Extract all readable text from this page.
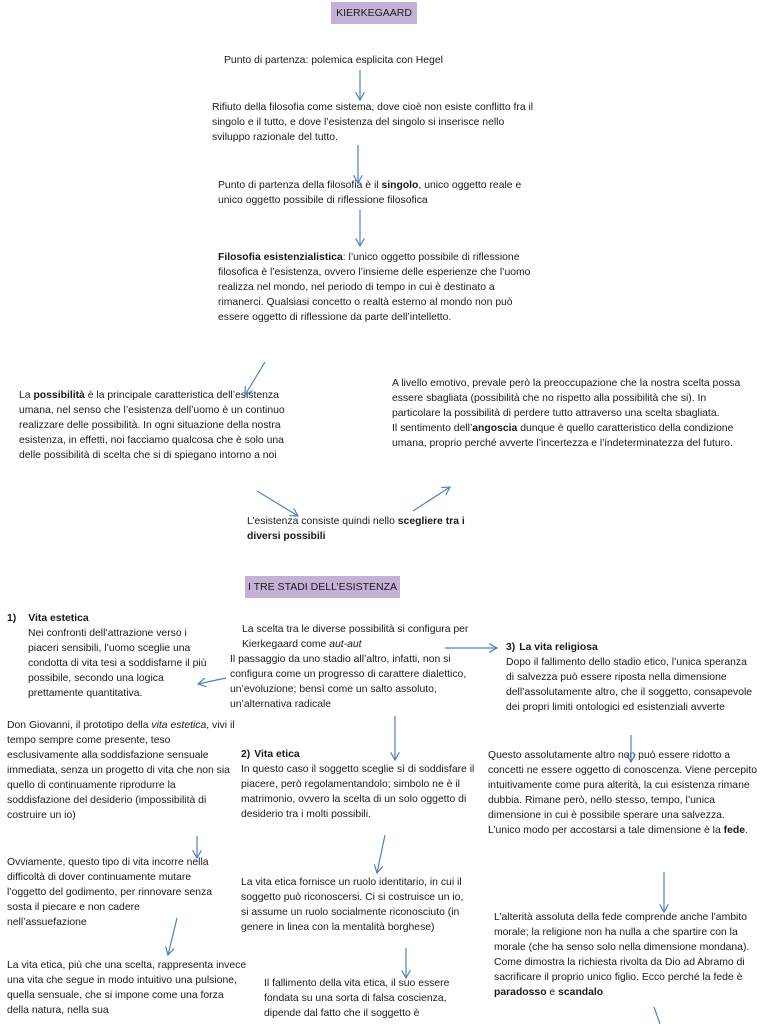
KIERKEGAARD
Punto di partenza: polemica esplicita con Hegel
Rifiuto della filosofia come sistema, dove cioè non esiste conflitto fra il singolo e il tutto, e dove l’esistenza del singolo si inserisce nello sviluppo razionale del tutto.
Punto di partenza della filosofia è il singolo, unico oggetto reale e unico oggetto possibile di riflessione filosofica
Filosofia esistenzialistica: l’unico oggetto possibile di riflessione filosofica è l’esistenza, ovvero l’insieme delle esperienze che l’uomo realizza nel mondo, nel periodo di tempo in cui è destinato a rimanerci. Qualsiasi concetto o realtà esterno al mondo non può essere oggetto di riflessione da parte dell’intelletto.
La possibilità è la principale caratteristica dell’esistenza umana, nel senso che l’esistenza dell’uomo è un continuo realizzare delle possibilità. In ogni situazione della nostra esistenza, in effetti, noi facciamo qualcosa che è solo una delle possibilità di scelta che si di spiegano intorno a noi

A livello emotivo, prevale però la preoccupazione che la nostra scelta possa essere sbagliata (possibilità che no rispetto alla possibilità che si). In particolare la possibilità di perdere tutto attraverso una scelta sbagliata.

Il sentimento dell’angoscia dunque è quello caratteristico della condizione umana, proprio perché avverte l’incertezza e l’indeterminatezza del futuro.

L’esistenza consiste quindi nello scegliere tra i diversi possibili
I TRE STADI DELL’ESISTENZA
1) Vita estetica
Nei confronti dell’attrazione verso i piaceri sensibili, l’uomo sceglie una condotta di vita tesi a soddisfarne il più possibile, secondo una logica prettamente quantitativa.
Don Giovanni, il prototipo della vita estetica, vivi il tempo sempre come presente, teso esclusivamente alla soddisfazione sensuale immediata, senza un progetto di vita che non sia quello di continuamente riprodurre la soddisfazione del desiderio (impossibilità di costruire un io)
Ovviamente, questo tipo di vita incorre nella difficoltà di dover continuamente mutare l’oggetto del godimento, per rinnovare senza sosta il piecare e non cadere nell’assuefazione
La vita etica, più che una scelta, rappresenta invece una vita che segue in modo intuitivo una pulsione, quella sensuale, che si impone come una forza della natura, nella sua

La scelta tra le diverse possibilità si configura per Kierkegaard come aut-aut

Il passaggio da uno stadio all’altro, infatti, non si configura come un progresso di carattere dialettico, un’evoluzione; bensì come un salto assoluto, un’alternativa radicale

2) Vita etica
In questo caso il soggetto sceglie sì di soddisfare il piacere, però regolamentandolo; simbolo ne è il matrimonio, ovvero la scelta di un solo oggetto di desiderio tra i molti possibili.
La vita etica fornisce un ruolo identitario, in cui il soggetto può riconoscersi. Ci si costruisce un io, si assume un ruolo socialmente riconosciuto (in genere in linea con la mentalità borghese)
Il fallimento della vita etica, il suo essere fondata su una sorta di falsa coscienza, dipende dal fatto che il soggetto è
3) La vita religiosa
Dopo il fallimento dello stadio etico, l’unica speranza di salvezza può essere riposta nella dimensione dell’assolutamente altro, che il soggetto, consapevole dei propri limiti ontologici ed esistenziali avverte
Questo assolutamente altro non può essere ridotto a concetti ne essere oggetto di conoscenza. Viene percepito intuitivamente come pura alterità, la cui esistenza rimane dubbia. Rimane però, nello stesso, tempo, l’unica dimensione in cui è possibile sperare una salvezza. L’unico modo per accostarsi a tale dimensione è la fede.
L’alterità assoluta della fede comprende anche l’ambito morale; la religione non ha nulla a che spartire con la morale (che ha senso solo nella dimensione mondana). Come dimostra la richiesta rivolta da Dio ad Abramo di sacrificare il proprio unico figlio. Ecco perché la fede è paradosso e scandalo
